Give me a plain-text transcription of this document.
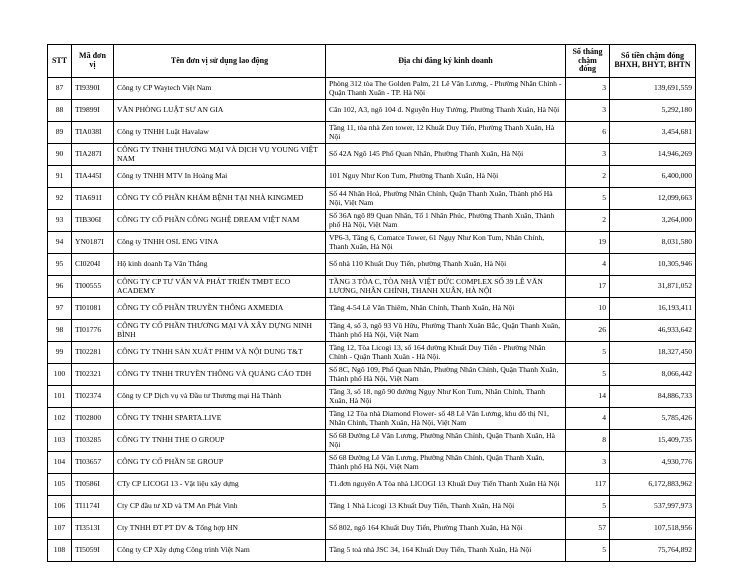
STT	Mã đơn vị	Tên đơn vị sử dụng lao động	Địa chỉ đăng ký kinh doanh	Số tháng chậm đóng	Số tiền chậm đóng BHXH, BHYT, BHTN
87	TI9390I	Công ty CP Waytech Việt Nam	Phòng 312 tòa The Golden Palm, 21 Lê Văn Lương, - Phường Nhân Chính - Quận Thanh Xuân - TP. Hà Nội	3	139,691,559
88	TI9899I	VĂN PHÒNG LUẬT SƯ AN GIA	Căn 102, A3, ngõ 104 đ. Nguyễn Huy Tưởng, Phường Thanh Xuân, Hà Nội	3	5,292,180
89	TIA038I	Công ty TNHH Luật Havalaw	Tầng 11, tòa nhà Zen tower, 12 Khuất Duy Tiến, Phường Thanh Xuân, Hà Nội	6	3,454,681
90	TIA287I	CÔNG TY TNHH THƯƠNG MẠI VÀ DỊCH VỤ YOUNG VIỆT NAM	Số 42A Ngõ 145 Phố Quan Nhân, Phường Thanh Xuân, Hà Nội	3	14,946,269
91	TIA445I	Công ty TNHH MTV In Hoàng Mai	101 Nguy Như Kon Tum, Phường Thanh Xuân, Hà Nội	2	6,400,000
92	TIA691I	CÔNG TY CỔ PHẦN KHÁM BỆNH TẠI NHÀ KINGMED	Số 44 Nhân Hoà, Phường Nhân Chính, Quận Thanh Xuân, Thành phố Hà Nội, Việt Nam	5	12,099,663
93	TIB306I	CÔNG TY CỔ PHẦN CÔNG NGHỆ DREAM VIỆT NAM	Số 36A ngõ 89 Quan Nhân, Tổ 1 Nhân Phúc, Phường Thanh Xuân, Thành phố Hà Nội, Việt Nam	2	3,264,000
94	YN0187I	Công ty TNHH OSL ENG VINA	VP6-3, Tầng 6, Comatce Tower, 61 Ngụy Như Kon Tum, Nhân Chính, Thanh Xuân, Hà Nội	19	8,031,580
95	CI0204I	Hộ kinh doanh Tạ Văn Thắng	Số nhà 110 Khuất Duy Tiến, phường Thanh Xuân, Hà Nội	4	10,305,946
96	TI00555	CÔNG TY CP TƯ VẤN VÀ PHÁT TRIỂN TMĐT ECO ACADEMY	TẦNG 3 TÒA C, TÒA NHÀ VIỆT ĐỨC COMPLEX SỐ 39 LÊ VĂN LƯƠNG, NHÂN CHÍNH, THANH XUÂN, HÀ NỘI	17	31,871,052
97	TI01081	CÔNG TY CỔ PHẦN TRUYỀN THÔNG AXMEDIA	Tầng 4-54 Lê Văn Thiêm, Nhân Chính, Thanh Xuân, Hà Nội	10	16,193,411
98	TI01776	CÔNG TY CỔ PHẦN THƯƠNG MẠI VÀ XÂY DỰNG NINH BÌNH	Tầng 4, số 3, ngõ 93 Vũ Hữu, Phường Thanh Xuân Bắc, Quận Thanh Xuân, Thành phố Hà Nội, Việt Nam	26	46,933,642
99	TI02281	CÔNG TY TNHH SẢN XUẤT PHIM VÀ NỘI DUNG T&T	Tầng 12, Tòa Licogi 13, số 164 đường Khuất Duy Tiến - Phường Nhân Chính - Quận Thanh Xuân - Hà Nội.	5	18,327,450
100	TI02321	CÔNG TY TNHH TRUYỀN THÔNG VÀ QUẢNG CÁO TDH	Số 8C, Ngõ 109, Phố Quan Nhân, Phường Nhân Chính, Quận Thanh Xuân, Thành phố Hà Nội, Việt Nam	5	8,066,442
101	TI02374	Công ty CP Dịch vụ và Đầu tư Thương mại Hà Thành	Tầng 3, số 18, ngõ 90 đường Ngụy Như Kon Tum, Nhân Chính, Thanh Xuân, Hà Nội	14	84,886,733
102	TI02800	CÔNG TY TNHH SPARTA.LIVE	Tầng 12 Tòa nhà Diamond Flower- số 48 Lê Văn Lương, khu đô thị N1, Nhân Chính, Thanh Xuân, Hà Nội, Việt Nam	4	5,785,426
103	TI03285	CÔNG TY TNHH THE O GROUP	Số 68 Đường Lê Văn Lương, Phường Nhân Chính, Quận Thanh Xuân, Hà Nội	8	15,409,735
104	TI03657	CÔNG TY CỔ PHẦN 5E GROUP	Số 68 Đường Lê Văn Lương, Phường Nhân Chính, Quận Thanh Xuân, Thành phố Hà Nội, Việt Nam	3	4,930,776
105	TI0586I	CTy CP LICOGI 13 - Vật liệu xây dựng	T1.đơn nguyên A Tòa nhà LICOGI 13 Khuất Duy Tiến Thanh Xuân Hà Nội	117	6,172,883,962
106	TI1174I	Cty CP đầu tư XD và TM An Phát Vinh	Tầng 1 Nhà Licogi 13 Khuất Duy Tiến, Thanh Xuân, Hà Nội	5	537,997,973
107	TI3513I	Cty TNHH ĐT PT DV & Tổng hợp HN	Số 802, ngõ 164 Khuất Duy Tiến, Phường Thanh Xuân, Hà Nội	57	107,518,956
108	TI5059I	Công ty CP Xây dựng Công trình Việt Nam	Tầng 5 toà nhà JSC 34, 164 Khuất Duy Tiến, Thanh Xuân, Hà Nội	5	75,764,892
